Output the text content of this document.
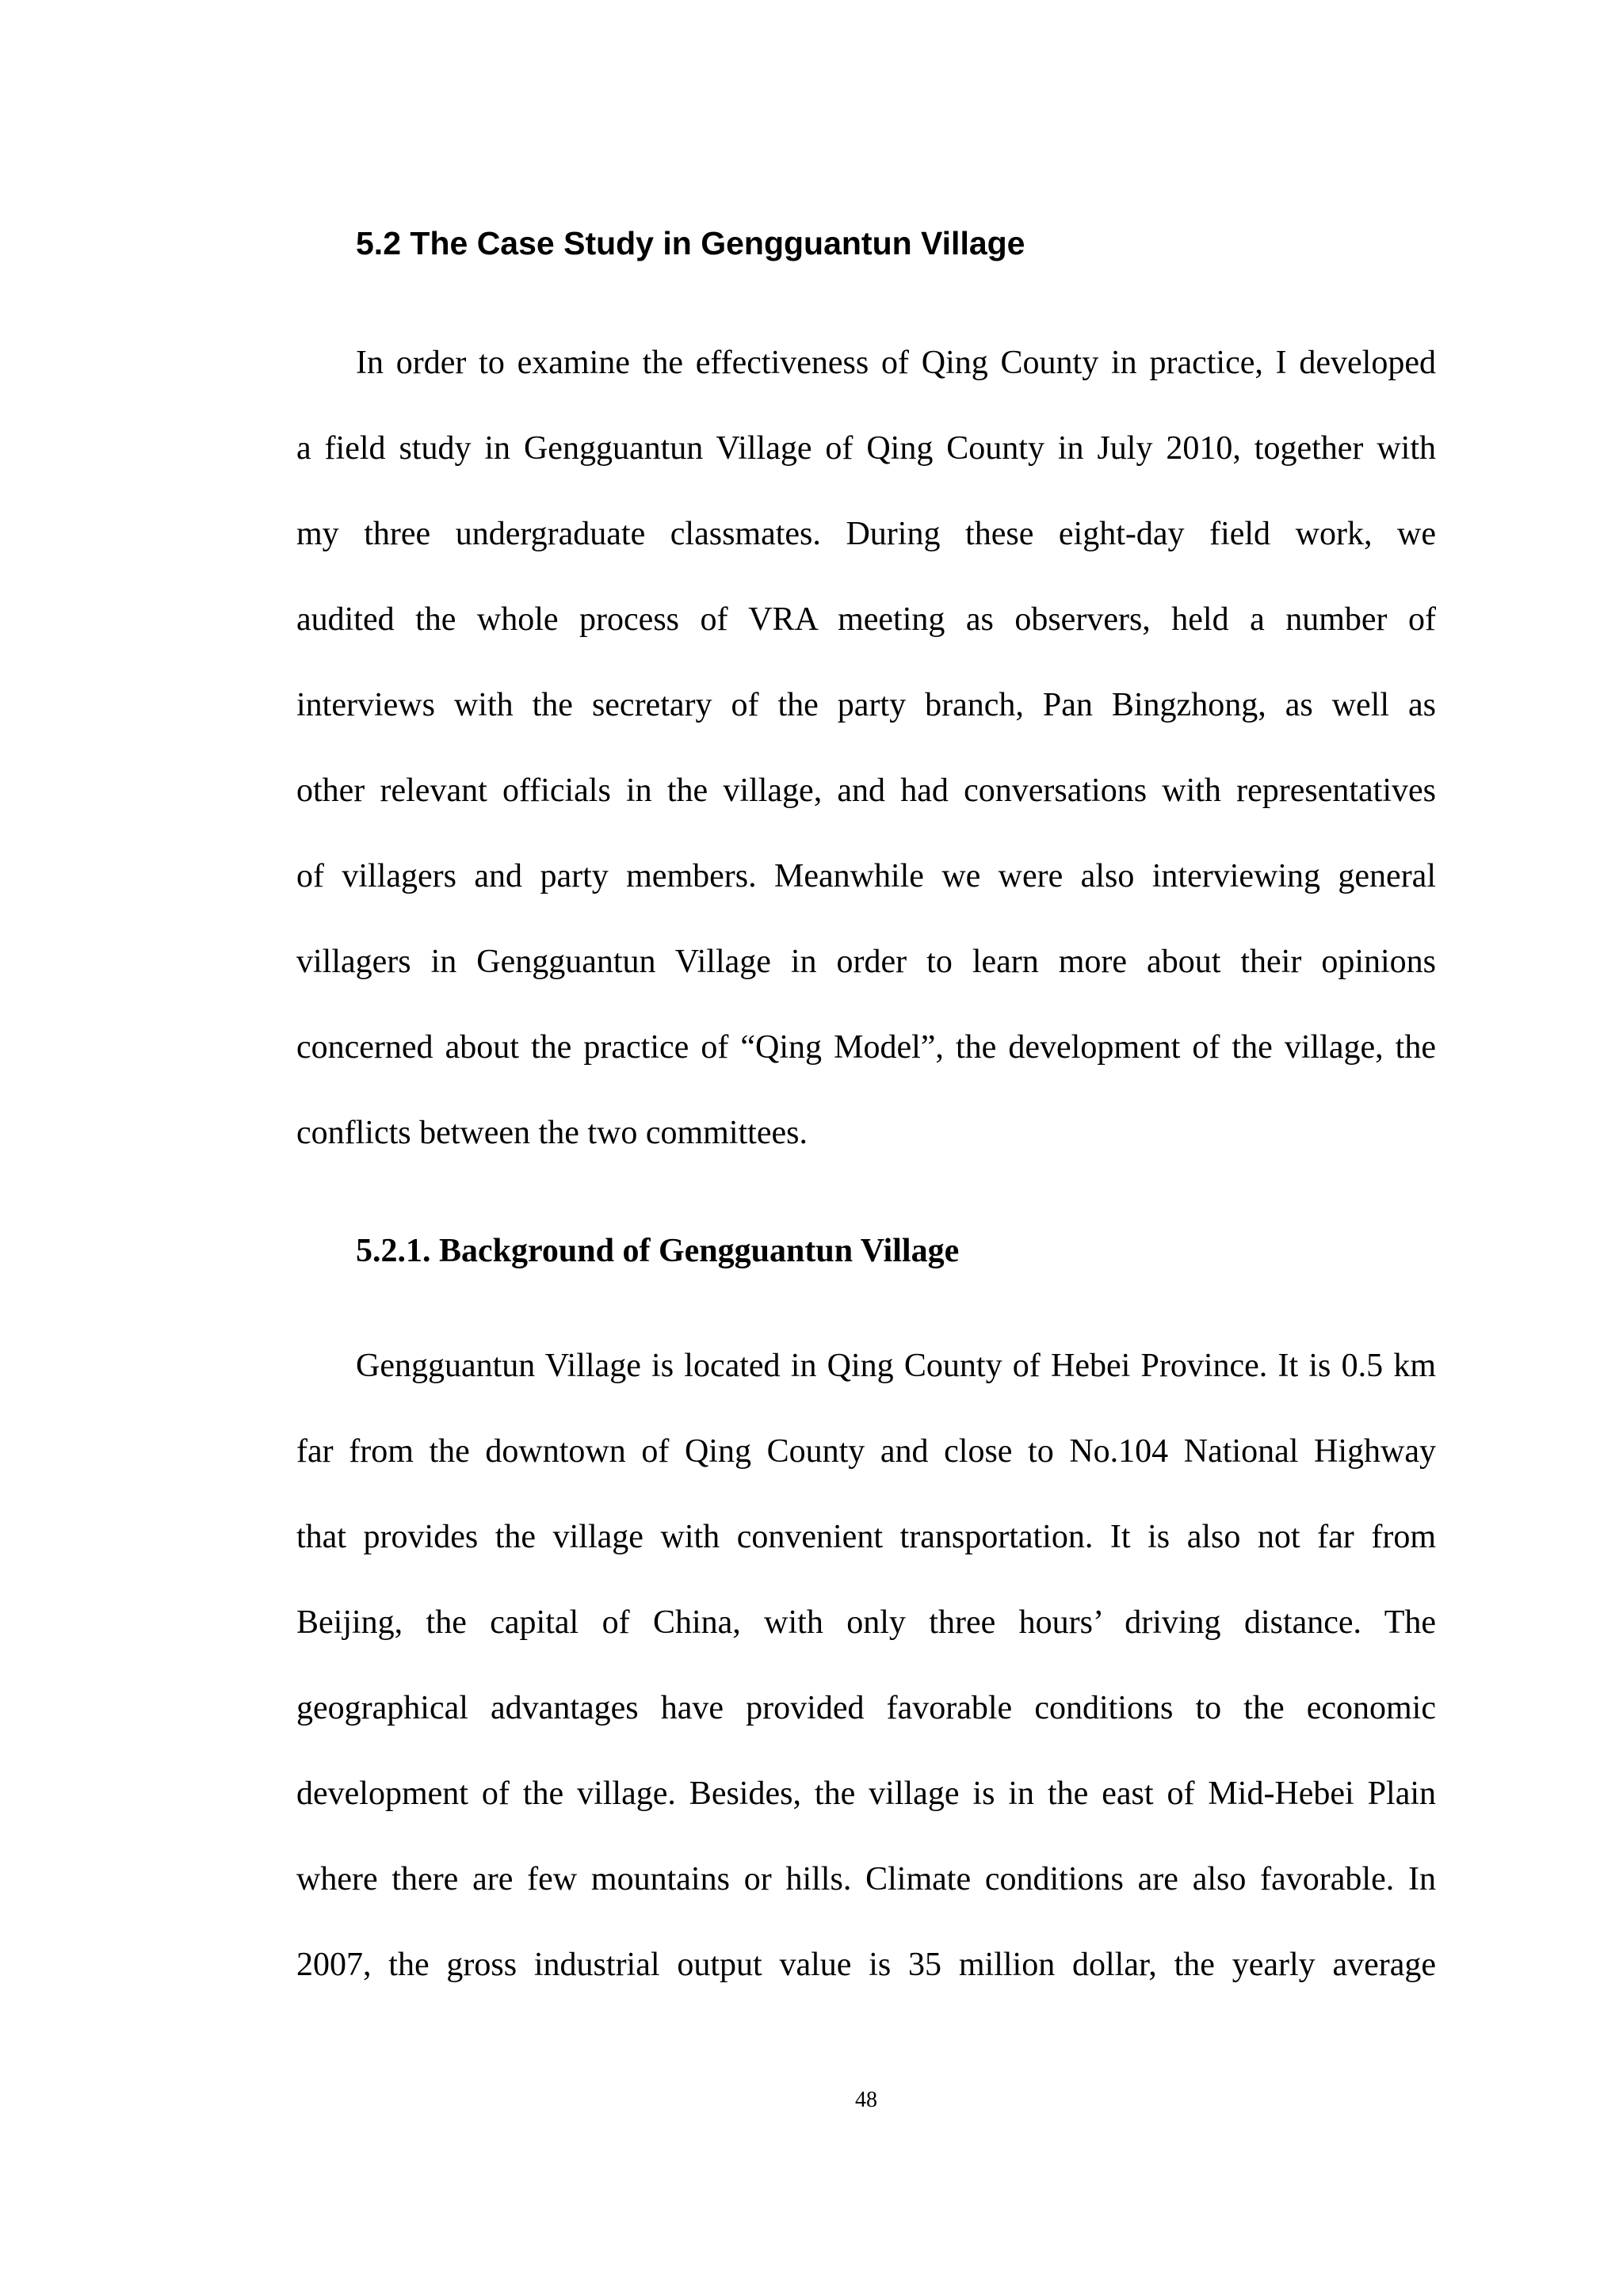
5.2 The Case Study in Gengguantun Village
In order to examine the effectiveness of Qing County in practice, I developed
a field study in Gengguantun Village of Qing County in July 2010, together with
my three undergraduate classmates. During these eight-day field work, we
audited the whole process of VRA meeting as observers, held a number of
interviews with the secretary of the party branch, Pan Bingzhong, as well as
other relevant officials in the village, and had conversations with representatives
of villagers and party members. Meanwhile we were also interviewing general
villagers in Gengguantun Village in order to learn more about their opinions
concerned about the practice of “Qing Model”, the development of the village, the
conflicts between the two committees.
5.2.1. Background of Gengguantun Village
Gengguantun Village is located in Qing County of Hebei Province. It is 0.5 km
far from the downtown of Qing County and close to No.104 National Highway
that provides the village with convenient transportation. It is also not far from
Beijing, the capital of China, with only three hours’ driving distance. The
geographical advantages have provided favorable conditions to the economic
development of the village. Besides, the village is in the east of Mid-Hebei Plain
where there are few mountains or hills. Climate conditions are also favorable. In
2007, the gross industrial output value is 35 million dollar, the yearly average
48
